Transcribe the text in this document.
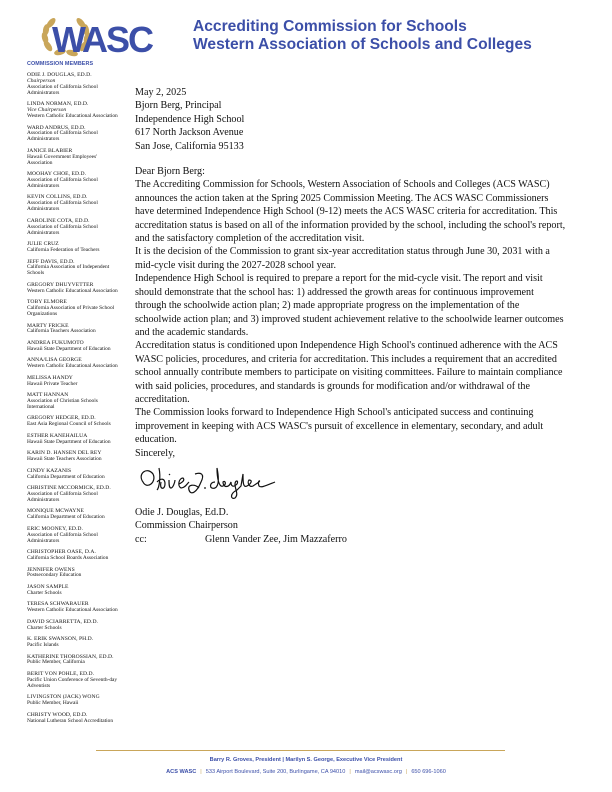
WASC	Accrediting Commission for Schools
Western Association of Schools and Colleges
COMMISSION MEMBERS
ODIE J. DOUGLAS, ED.D.
Chairperson
Association of California School
Administrators
LINDA NORMAN, ED.D.
Vice Chairperson
Western Catholic Educational Association
WARD ANDRUS, ED.D.
Association of California School
Administrators
JANICE BLABIER
Hawaii Government Employees'
Association
MOOHAY CHOE, ED.D.
Association of California School
Administrators
KEVIN COLLINS, ED.D.
Association of California School
Administrators
CAROLINE COTA, ED.D.
Association of California School
Administrators
JULIE CRUZ
California Federation of Teachers
JEFF DAVIS, ED.D.
California Association of Independent
Schools
GREGORY DHUYVETTER
Western Catholic Educational Association
TOBY ELMORE
California Association of Private School
Organizations
MARTY FRICKE
California Teachers Association
ANDREA FUKUMOTO
Hawaii State Department of Education
ANNA/LISA GEORGE
Western Catholic Educational Association
MELISSA HANDY
Hawaii Private Teacher
MATT HANNAN
Association of Christian Schools
International
GREGORY HEDGER, ED.D.
East Asia Regional Council of Schools
ESTHER KANEHAILUA
Hawaii State Department of Education
KARIN D. HANSEN DEL REY
Hawaii State Teachers Association
CINDY KAZANIS
California Department of Education
CHRISTINE MCCORMICK, ED.D.
Association of California School
Administrators
MONIQUE MCWAYNE
California Department of Education
ERIC MOONEY, ED.D.
Association of California School
Administrators
CHRISTOPHER OASE, D.A.
California School Boards Association
JENNIFER OWENS
Postsecondary Education
JASON SAMPLE
Charter Schools
TERESA SCHWABAUER
Western Catholic Educational Association
DAVID SCIARRETTA, ED.D.
Charter Schools
K. ERIK SWANSON, PH.D.
Pacific Islands
KATHERINE THOROSSIAN, ED.D.
Public Member, California
BERIT VON POHLE, ED.D.
Pacific Union Conference of Seventh-day
Adventists
LIVINGSTON (JACK) WONG
Public Member, Hawaii
CHRISTY WOOD, ED.D.
National Lutheran School Accreditation

May 2, 2025

Bjorn Berg, Principal

Independence High School

617 North Jackson Avenue

San Jose, California 95133

Dear Bjorn Berg:

The Accrediting Commission for Schools, Western Association of Schools and Colleges (ACS WASC) announces the action taken at the Spring 2025 Commission Meeting. The ACS WASC Commissioners have determined Independence High School (9-12) meets the ACS WASC criteria for accreditation. This accreditation status is based on all of the information provided by the school, including the school's report, and the satisfactory completion of the accreditation visit.

It is the decision of the Commission to grant six-year accreditation status through June 30, 2031 with a mid-cycle visit during the 2027-2028 school year.

Independence High School is required to prepare a report for the mid-cycle visit. The report and visit should demonstrate that the school has: 1) addressed the growth areas for continuous improvement through the schoolwide action plan; 2) made appropriate progress on the implementation of the schoolwide action plan; and 3) improved student achievement relative to the schoolwide learner outcomes and the academic standards.

Accreditation status is conditioned upon Independence High School's continued adherence with the ACS WASC policies, procedures, and criteria for accreditation. This includes a requirement that an accredited school annually contribute members to participate on visiting committees. Failure to maintain compliance with said policies, procedures, and standards is grounds for modification and/or withdrawal of the accreditation.

The Commission looks forward to Independence High School's anticipated success and continuing improvement in keeping with ACS WASC's pursuit of excellence in elementary, secondary, and adult education.

Sincerely,

Odie J. Douglas, Ed.D.

Commission Chairperson

cc:	Glenn Vander Zee, Jim Mazzaferro
Barry R. Groves, President | Marilyn S. George, Executive Vice President
ACS WASC | 533 Airport Boulevard, Suite 200, Burlingame, CA 94010 | mail@acswasc.org | 650 696-1060
